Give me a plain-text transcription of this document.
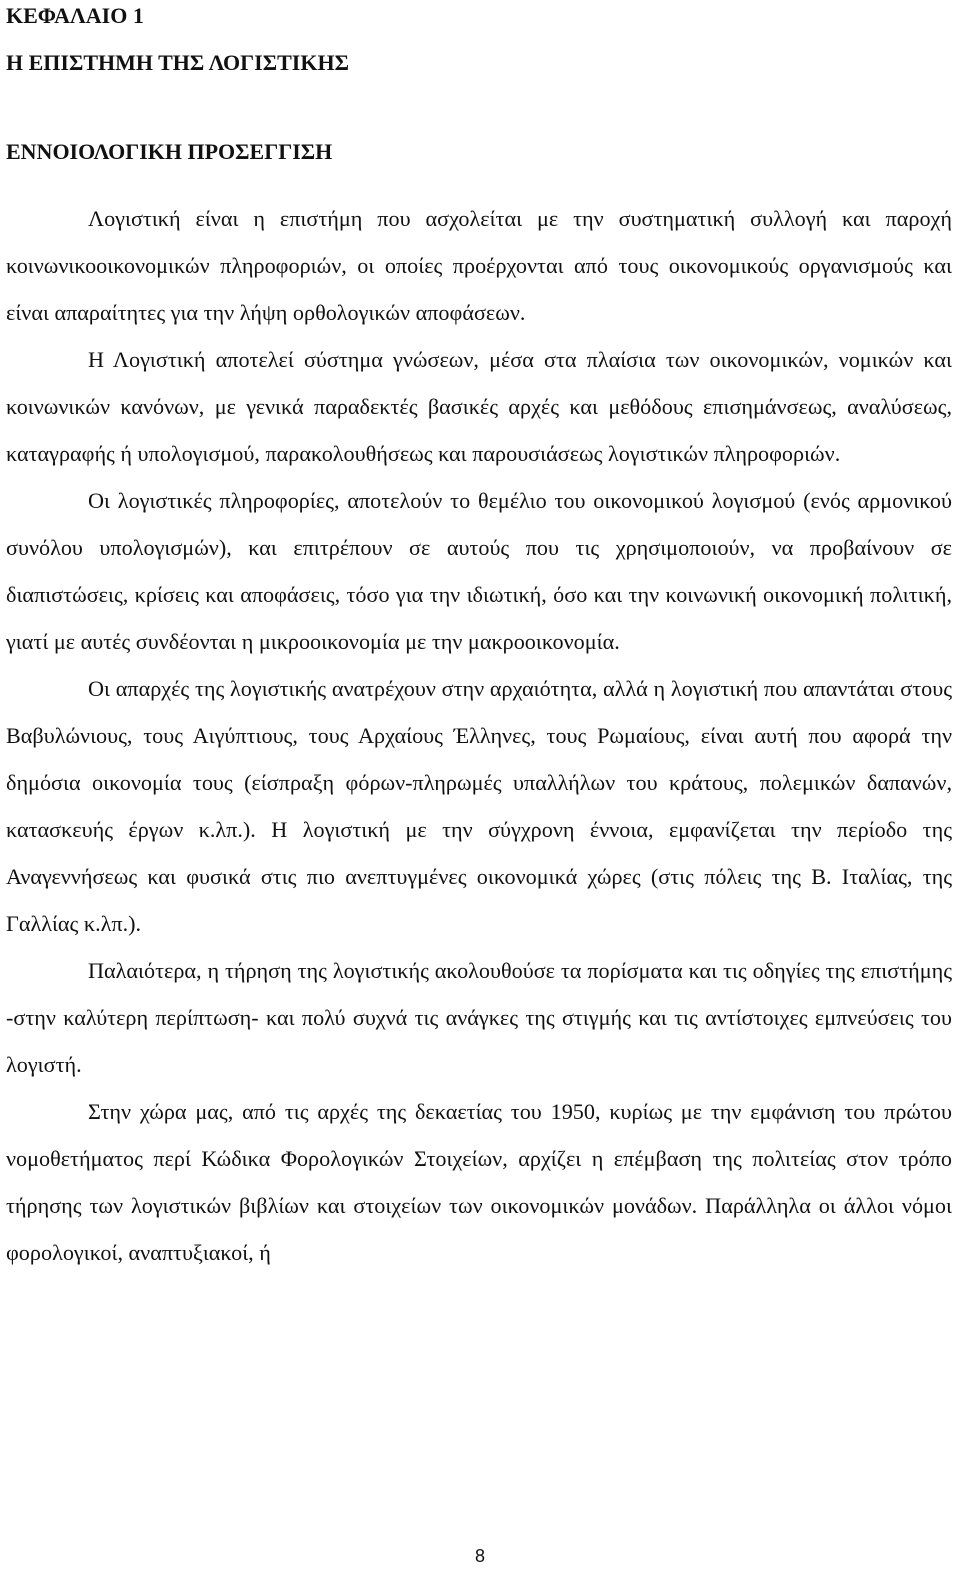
ΚΕΦΑΛΑΙΟ 1
Η ΕΠΙΣΤΗΜΗ ΤΗΣ ΛΟΓΙΣΤΙΚΗΣ
ΕΝΝΟΙΟΛΟΓΙΚΗ ΠΡΟΣΕΓΓΙΣΗ

Λογιστική είναι η επιστήμη που ασχολείται με την συστηματική συλλογή και παροχή κοινωνικοοικονομικών πληροφοριών, οι οποίες προέρχονται από τους οικονομικούς οργανισμούς και είναι απαραίτητες για την λήψη ορθολογικών αποφάσεων.

Η Λογιστική αποτελεί σύστημα γνώσεων, μέσα στα πλαίσια των οικονομικών, νομικών και κοινωνικών κανόνων, με γενικά παραδεκτές βασικές αρχές και μεθόδους επισημάνσεως, αναλύσεως, καταγραφής ή υπολογισμού, παρακολουθήσεως και παρουσιάσεως λογιστικών πληροφοριών.

Οι λογιστικές πληροφορίες, αποτελούν το θεμέλιο του οικονομικού λογισμού (ενός αρμονικού συνόλου υπολογισμών), και επιτρέπουν σε αυτούς που τις χρησιμοποιούν, να προβαίνουν σε διαπιστώσεις, κρίσεις και αποφάσεις, τόσο για την ιδιωτική, όσο και την κοινωνική οικονομική πολιτική, γιατί με αυτές συνδέονται η μικροοικονομία με την μακροοικονομία.

Οι απαρχές της λογιστικής ανατρέχουν στην αρχαιότητα, αλλά η λογιστική που απαντάται στους Βαβυλώνιους, τους Αιγύπτιους, τους Αρχαίους Έλληνες, τους Ρωμαίους, είναι αυτή που αφορά την δημόσια οικονομία τους (είσπραξη φόρων-πληρωμές υπαλλήλων του κράτους, πολεμικών δαπανών, κατασκευής έργων κ.λπ.). Η λογιστική με την σύγχρονη έννοια, εμφανίζεται την περίοδο της Αναγεννήσεως και φυσικά στις πιο ανεπτυγμένες οικονομικά χώρες (στις πόλεις της Β. Ιταλίας, της Γαλλίας κ.λπ.).

Παλαιότερα, η τήρηση της λογιστικής ακολουθούσε τα πορίσματα και τις οδηγίες της επιστήμης -στην καλύτερη περίπτωση- και πολύ συχνά τις ανάγκες της στιγμής και τις αντίστοιχες εμπνεύσεις του λογιστή.

Στην χώρα μας, από τις αρχές της δεκαετίας του 1950, κυρίως με την εμφάνιση του πρώτου νομοθετήματος περί Κώδικα Φορολογικών Στοιχείων, αρχίζει η επέμβαση της πολιτείας στον τρόπο τήρησης των λογιστικών βιβλίων και στοιχείων των οικονομικών μονάδων. Παράλληλα οι άλλοι νόμοι φορολογικοί, αναπτυξιακοί, ή

8
